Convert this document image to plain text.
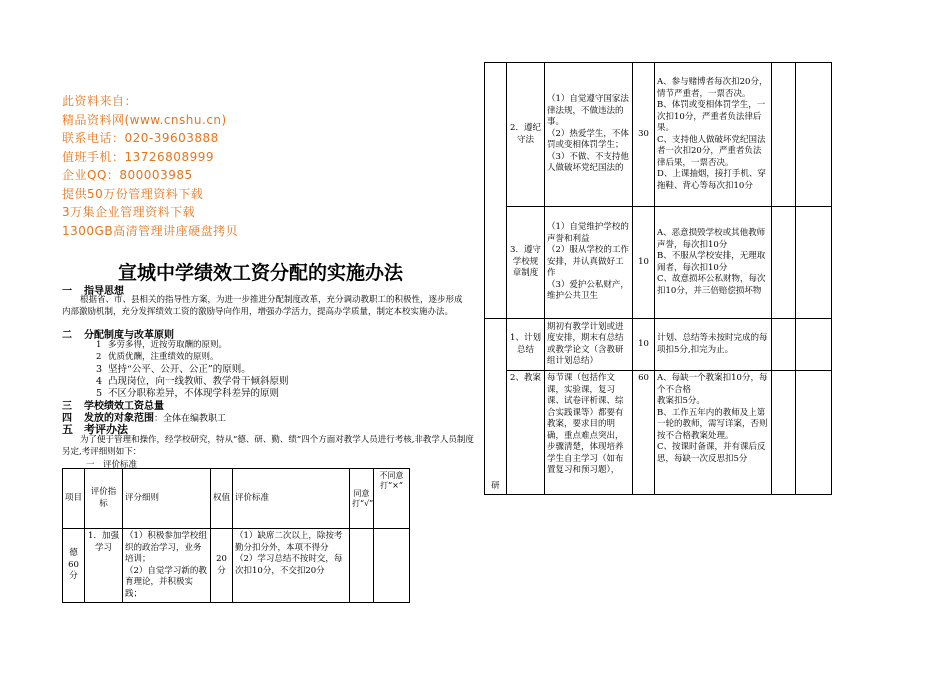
此资料来自：
精品资料网(www.cnshu.cn)
联系电话：020-39603888
值班手机：13726808999
企业QQ：800003985
提供50万份管理资料下载
3万集企业管理资料下载
1300GB高清管理讲座硬盘拷贝
宣城中学绩效工资分配的实施办法
一 指导思想
根据省、市、县相关的指导性方案，为进一步推进分配制度改革，充分调动教职工的积极性，逐步形成内部激励机制，充分发挥绩效工资的激励导向作用，增强办学活力，提高办学质量，制定本校实施办法。
二 分配制度与改革原则
1 多劳多得，近按劳取酬的原则。
2 优质优酬，注重绩效的原则。
3 坚持“公平、公开、公正”的原则。
4 凸现岗位，向一线教师、教学骨干倾斜原则
5 不区分职称差异，不体现学科差异的原则
三 学校绩效工资总量
四 发放的对象范围：全体在编教职工
五 考评办法
为了便于管理和操作，经学校研究，特从“德、研、勤、绩”四个方面对教学人员进行考核,非教学人员制度另定,考评细则如下：
一　评价标准
项目	评价指标	评分细则	权值	评价标准	同意打“√”	不同意打“×”
德60分	1．加强学习	（1）积极参加学校组织的政治学习，业务培训；
（2）自觉学习新的教育理论，并积极实践；	20分	（1）缺席二次以上，除按考勤分扣分外，本项不得分
（2）学习总结不按时交，每次扣10分，不交扣20分		
	2．遵纪守法	（1）自觉遵守国家法律法规，不做违法的事。
（2）热爱学生，不体罚或变相体罚学生；
（3）不做、不支持他人做破坏党纪国法的	30	A、参与赌博者每次扣20分，情节严重者，一票否决。
B、体罚或变相体罚学生，一次扣10分，严重者负法律后果。
C、支持他人做破坏党纪国法者一次扣20分，严重者负法律后果，一票否决。
D、上课抽烟，接打手机、穿拖鞋、背心等每次扣10分		
	3．遵守学校规章制度	（1）自觉维护学校的声誉和利益
（2）服从学校的工作安排，并认真做好工作
（3）爱护公私财产，维护公共卫生	10	A、恶意损毁学校或其他教师声誉，每次扣10分
B、不服从学校安排，无理取闹者，每次扣10分
C、故意损坏公私财物，每次扣10分，并三倍赔偿损坏物		
研	1、计划总结	期初有教学计划或进度安排，期末有总结或教学论文（含教研组计划总结）	10	计划、总结等未按时完成的每项扣5分,扣完为止。		
	2、教案	每节课（包括作文课，实验课，复习课、试卷评析课、综合实践课等）都要有教案，要求目的明确，重点难点突出，步骤清楚，体现培养学生自主学习（如布置复习和预习题），	60	A、每缺一个教案扣10分，每个不合格
教案扣5分。
B、工作五年内的教师及上第一轮的教师，需写详案，否则按不合格教案处理。
C、按课时备课，并有课后反思，每缺一次反思扣5分		
